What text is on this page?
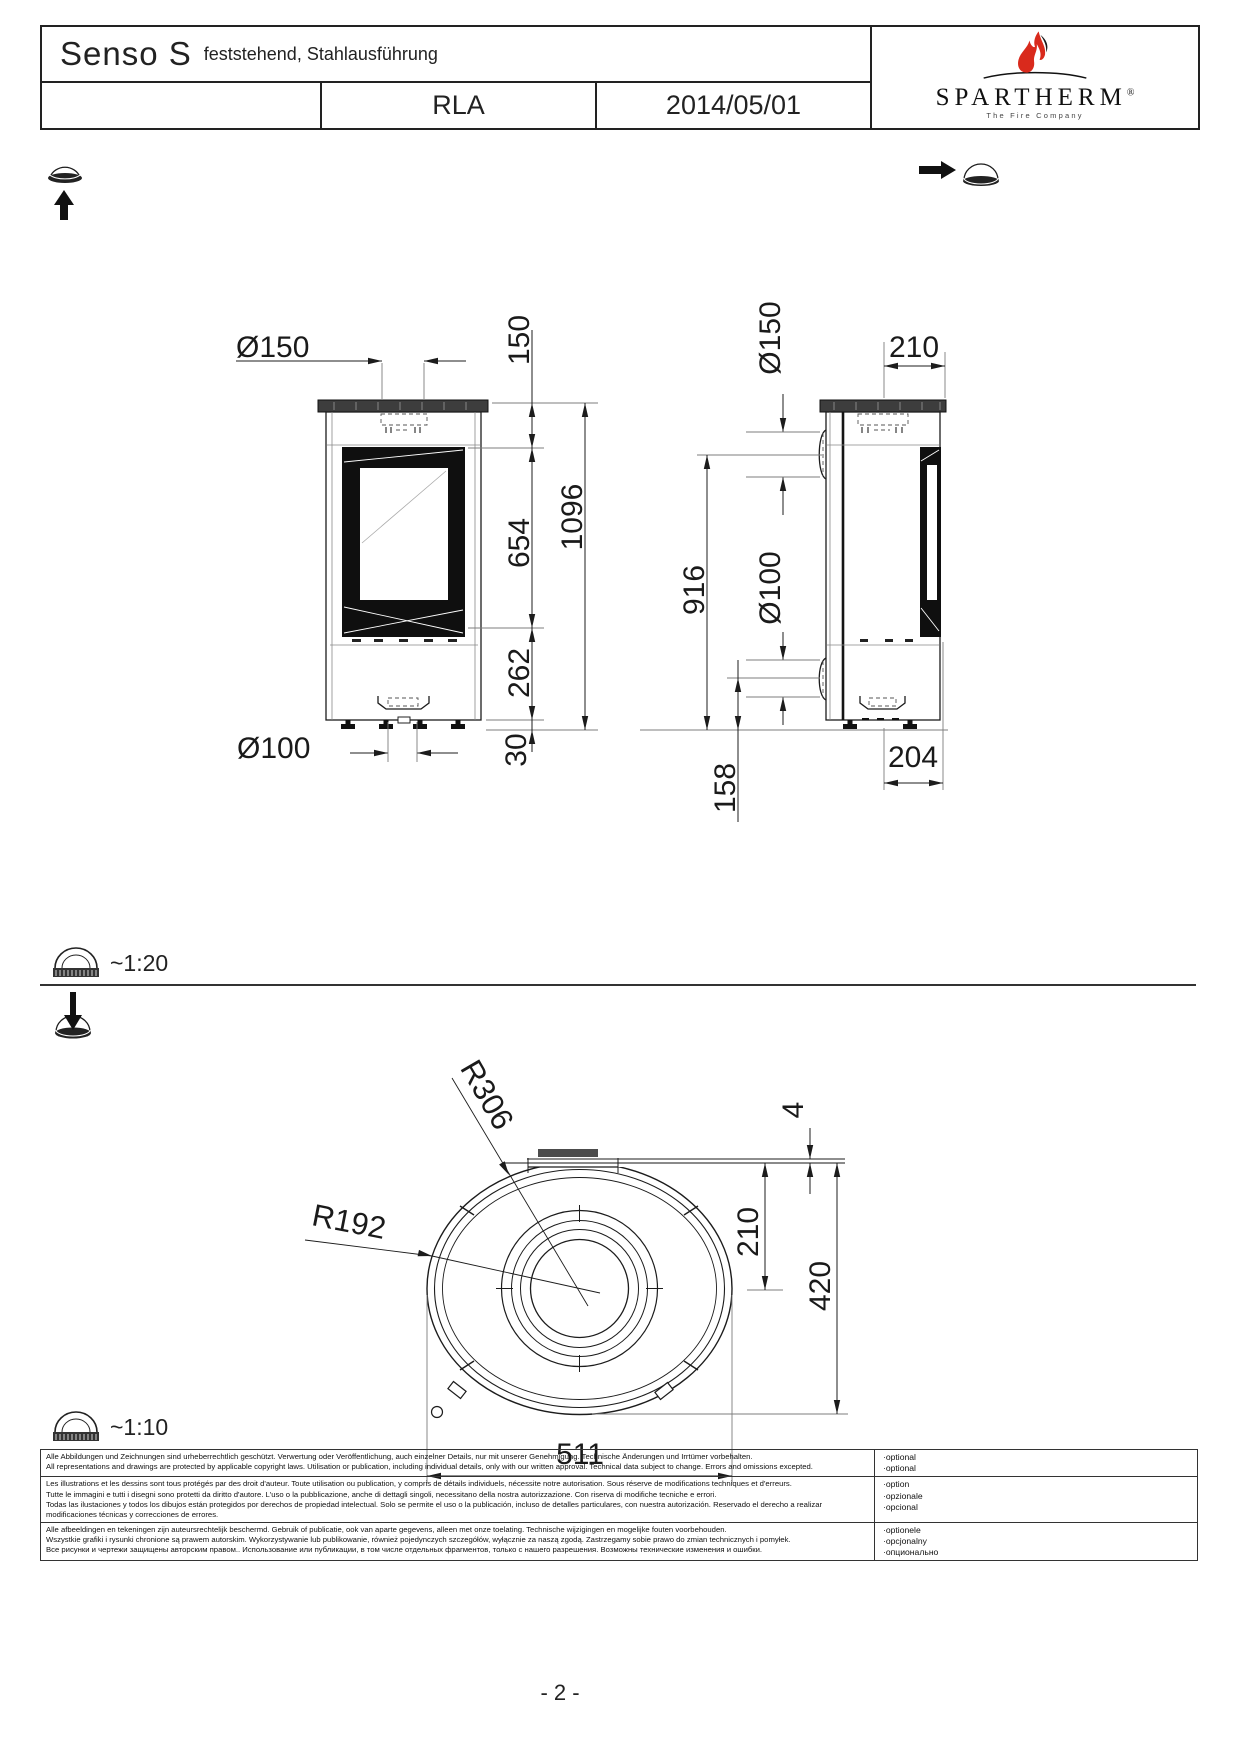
Senso S feststehend, Stahlausführung
RLA	2014/05/01	SPARTHERM®
The Fire Company
Ø150	150
654
262
30
1096
Ø100
Ø150	210
916 Ø100
158
204
R306
R192
4
210
420
511
~1:20
~1:10
Alle Abbildungen und Zeichnungen sind urheberrechtlich geschützt. Verwertung oder Veröffentlichung, auch einzelner Details, nur mit unserer Genehmigung. Technische Änderungen und Irrtümer vorbehalten.
All representations and drawings are protected by applicable copyright laws. Utilisation or publication, including individual details, only with our written approval. Technical data subject to change. Errors and omissions excepted.
·optional
·optional
Les illustrations et les dessins sont tous protégés par des droit d'auteur. Toute utilisation ou publication, y compris de détails individuels, nécessite notre autorisation. Sous réserve de modifications techniques et d'erreurs.
Tutte le immagini e tutti i disegni sono protetti da diritto d'autore. L'uso o la pubblicazione, anche di dettagli singoli, necessitano della nostra autorizzazione. Con riserva di modifiche tecniche e errori.
Todas las ilustaciones y todos los dibujos están protegidos por derechos de propiedad intelectual. Solo se permite el uso o la publicación, incluso de detalles particulares, con nuestra autorización. Reservado el derecho a realizar modificaciones técnicas y correcciones de errores.
·option
·opzionale
·opcional
Alle afbeeldingen en tekeningen zijn auteursrechtelijk beschermd. Gebruik of publicatie, ook van aparte gegevens, alleen met onze toelating. Technische wijzigingen en mogelijke fouten voorbehouden.
Wszystkie grafiki i rysunki chronione są prawem autorskim. Wykorzystywanie lub publikowanie, również pojedynczych szczegółów, wyłącznie za naszą zgodą. Zastrzegamy sobie prawo do zmian technicznych i pomyłek.
Все рисунки и чертежи защищены авторским правом.. Использование или публикации, в том числе отдельных фрагментов, только с нашего разрешения. Возможны технические изменения и ошибки.
·optionele
·opcjonalny
·опционально
- 2 -
